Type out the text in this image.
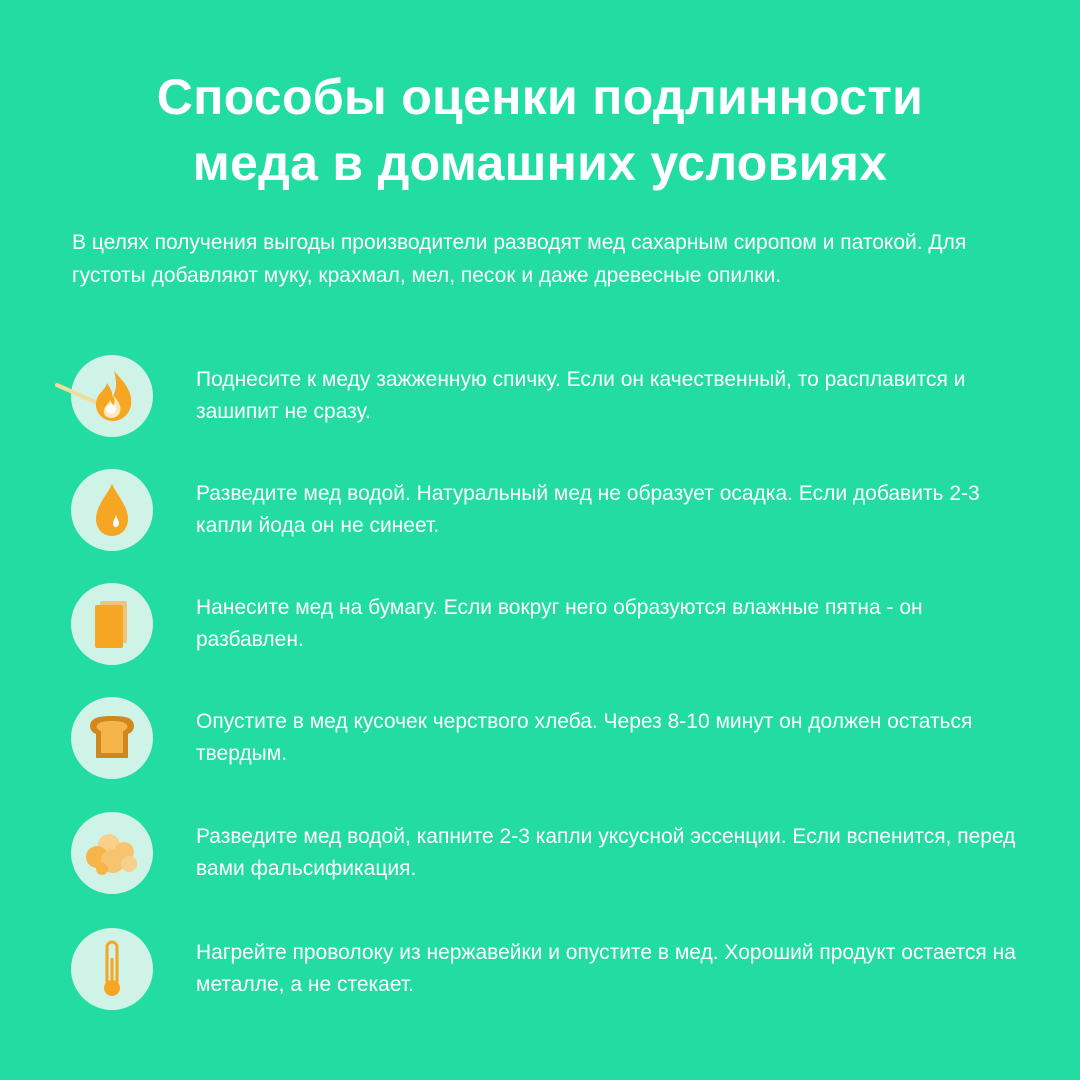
Способы оценки подлинности
меда в домашних условиях
В целях получения выгоды производители разводят мед сахарным сиропом и патокой. Для густоты добавляют муку, крахмал, мел, песок и даже древесные опилки.
Поднесите к меду зажженную спичку. Если он качественный, то расплавится и зашипит не сразу.
Разведите мед водой. Натуральный мед не образует осадка. Если добавить 2-3 капли йода он не синеет.
Нанесите мед на бумагу. Если вокруг него образуются влажные пятна - он разбавлен.
Опустите в мед кусочек черствого хлеба. Через 8-10 минут он должен остаться твердым.
Разведите мед водой, капните 2-3 капли уксусной эссенции. Если вспенится, перед вами фальсификация.
Нагрейте проволоку из нержавейки и опустите в мед. Хороший продукт остается на металле, а не стекает.
